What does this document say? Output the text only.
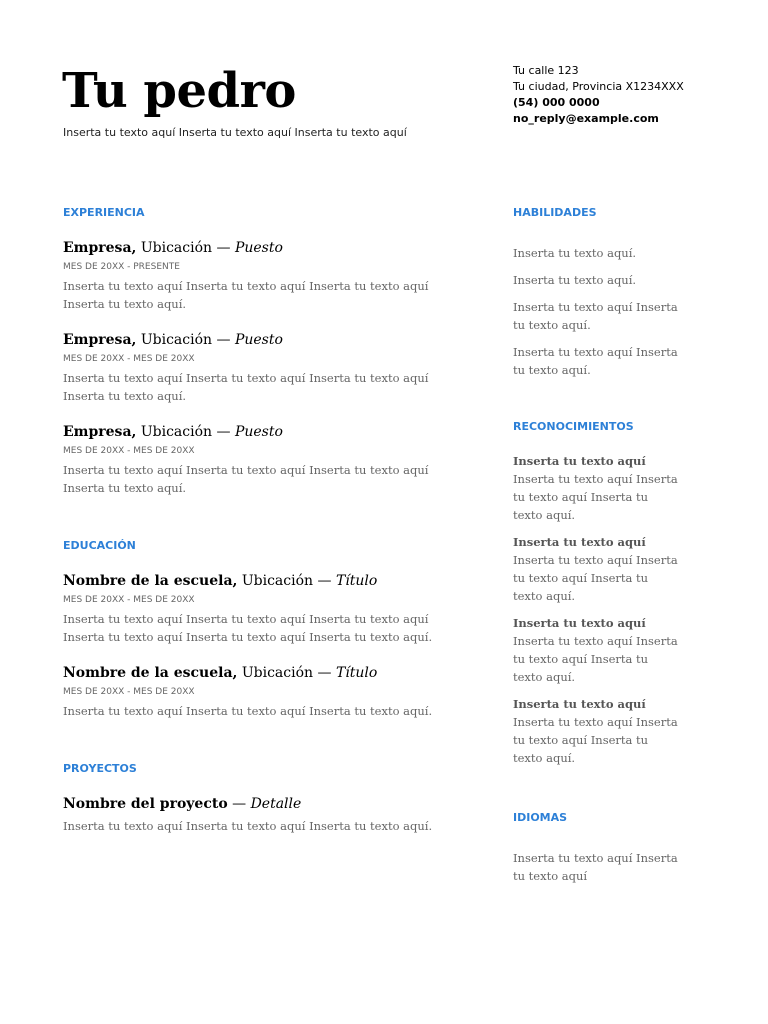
Tu pedro
Inserta tu texto aquí Inserta tu texto aquí Inserta tu texto aquí
Tu calle 123
Tu ciudad, Provincia X1234XXX
(54) 000 0000
no_reply@example.com
EXPERIENCIA
Empresa, Ubicación — Puesto
MES DE 20XX - PRESENTE
Inserta tu texto aquí Inserta tu texto aquí Inserta tu texto aquí Inserta tu texto aquí.
Empresa, Ubicación — Puesto
MES DE 20XX - MES DE 20XX
Inserta tu texto aquí Inserta tu texto aquí Inserta tu texto aquí Inserta tu texto aquí.
Empresa, Ubicación — Puesto
MES DE 20XX - MES DE 20XX
Inserta tu texto aquí Inserta tu texto aquí Inserta tu texto aquí Inserta tu texto aquí.
EDUCACIÓN
Nombre de la escuela, Ubicación — Título
MES DE 20XX - MES DE 20XX
Inserta tu texto aquí Inserta tu texto aquí Inserta tu texto aquí Inserta tu texto aquí Inserta tu texto aquí Inserta tu texto aquí.
Nombre de la escuela, Ubicación — Título
MES DE 20XX - MES DE 20XX
Inserta tu texto aquí Inserta tu texto aquí Inserta tu texto aquí.
PROYECTOS
Nombre del proyecto — Detalle
Inserta tu texto aquí Inserta tu texto aquí Inserta tu texto aquí.
HABILIDADES
Inserta tu texto aquí.
Inserta tu texto aquí.
Inserta tu texto aquí Inserta tu texto aquí.
Inserta tu texto aquí Inserta tu texto aquí.
RECONOCIMIENTOS
Inserta tu texto aquí Inserta tu texto aquí Inserta tu texto aquí Inserta tu texto aquí.
Inserta tu texto aquí Inserta tu texto aquí Inserta tu texto aquí Inserta tu texto aquí.
Inserta tu texto aquí Inserta tu texto aquí Inserta tu texto aquí Inserta tu texto aquí.
Inserta tu texto aquí Inserta tu texto aquí Inserta tu texto aquí Inserta tu texto aquí.
IDIOMAS
Inserta tu texto aquí Inserta tu texto aquí
